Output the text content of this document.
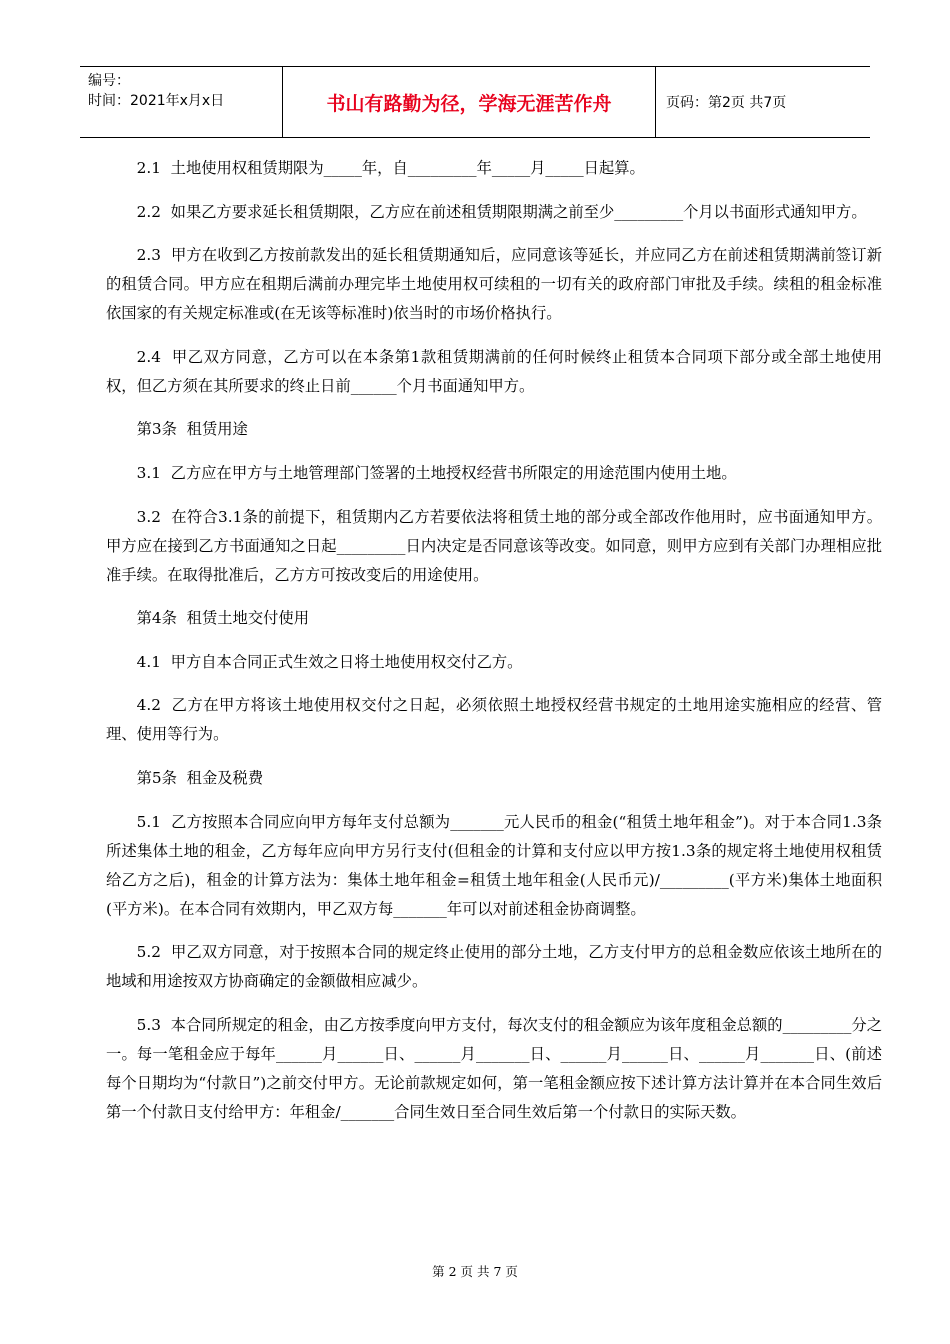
编号：
时间：2021年x月x日	书山有路勤为径，学海无涯苦作舟	页码：第2页 共7页

2.1  土地使用权租赁期限为_____年，自_________年_____月_____日起算。

2.2  如果乙方要求延长租赁期限，乙方应在前述租赁期限期满之前至少_________个月以书面形式通知甲方。

2.3  甲方在收到乙方按前款发出的延长租赁期通知后，应同意该等延长，并应同乙方在前述租赁期满前签订新的租赁合同。甲方应在租期后满前办理完毕土地使用权可续租的一切有关的政府部门审批及手续。续租的租金标准依国家的有关规定标准或(在无该等标准时)依当时的市场价格执行。

2.4  甲乙双方同意，乙方可以在本条第1款租赁期满前的任何时候终止租赁本合同项下部分或全部土地使用权，但乙方须在其所要求的终止日前______个月书面通知甲方。

第3条  租赁用途

3.1  乙方应在甲方与土地管理部门签署的土地授权经营书所限定的用途范围内使用土地。

3.2  在符合3.1条的前提下，租赁期内乙方若要依法将租赁土地的部分或全部改作他用时，应书面通知甲方。甲方应在接到乙方书面通知之日起_________日内决定是否同意该等改变。如同意，则甲方应到有关部门办理相应批准手续。在取得批准后，乙方方可按改变后的用途使用。

第4条  租赁土地交付使用

4.1  甲方自本合同正式生效之日将土地使用权交付乙方。

4.2  乙方在甲方将该土地使用权交付之日起，必须依照土地授权经营书规定的土地用途实施相应的经营、管理、使用等行为。

第5条  租金及税费

5.1  乙方按照本合同应向甲方每年支付总额为_______元人民币的租金(“租赁土地年租金”)。对于本合同1.3条所述集体土地的租金，乙方每年应向甲方另行支付(但租金的计算和支付应以甲方按1.3条的规定将土地使用权租赁给乙方之后)，租金的计算方法为：集体土地年租金=租赁土地年租金(人民币元)/_________(平方米)集体土地面积(平方米)。在本合同有效期内，甲乙双方每_______年可以对前述租金协商调整。

5.2  甲乙双方同意，对于按照本合同的规定终止使用的部分土地，乙方支付甲方的总租金数应依该土地所在的地域和用途按双方协商确定的金额做相应减少。

5.3  本合同所规定的租金，由乙方按季度向甲方支付，每次支付的租金额应为该年度租金总额的_________分之一。每一笔租金应于每年______月______日、______月_______日、______月______日、______月_______日、(前述每个日期均为“付款日”)之前交付甲方。无论前款规定如何，第一笔租金额应按下述计算方法计算并在本合同生效后第一个付款日支付给甲方：年租金/_______合同生效日至合同生效后第一个付款日的实际天数。

第 2 页 共 7 页
